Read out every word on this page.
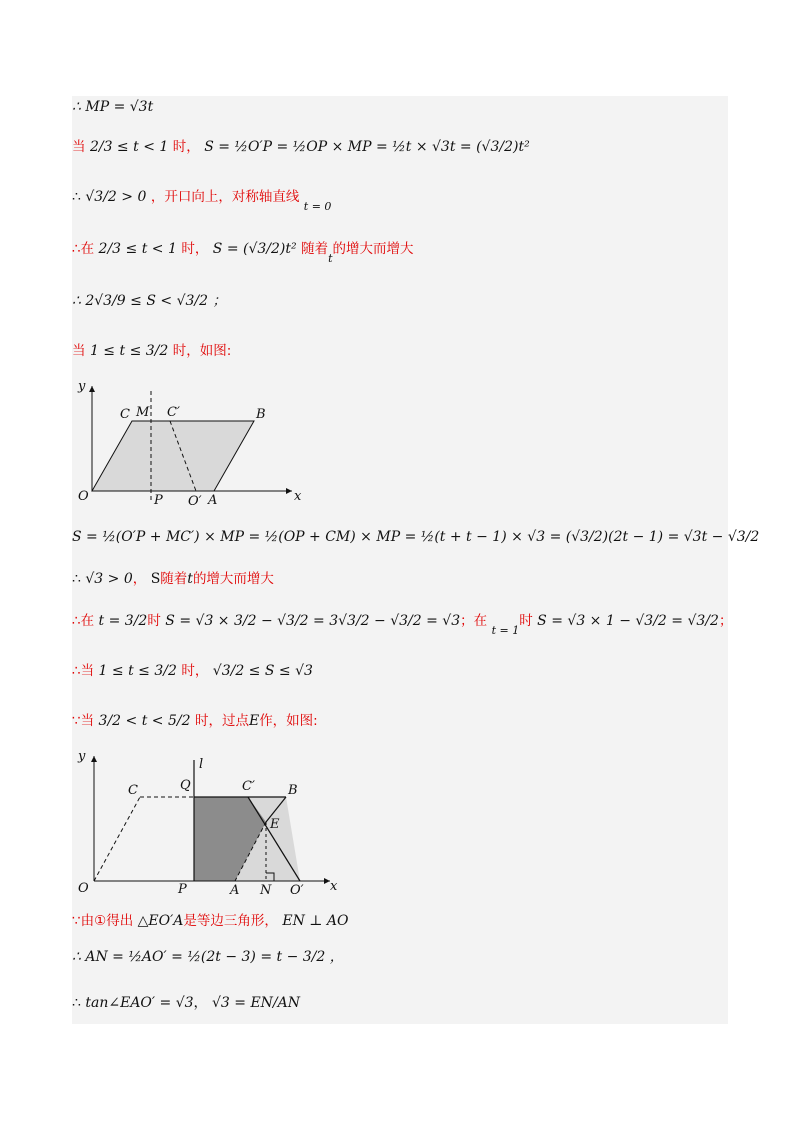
∴ MP = √3t
当 2/3 ≤ t < 1 时， S = ½O′P = ½OP × MP = ½t × √3t = (√3/2)t²
∴ √3/2 > 0 ，开口向上，对称轴直线 $_{t = 0}$
∴在 2/3 ≤ t < 1 时， S = (√3/2)t² 随着$_t$的增大而增大
∴ 2√3/9 ≤ S < √3/2 ；
当 1 ≤ t ≤ 3/2 时，如图:
y
x
O
C M C′	B
P O′ A
S = ½(O′P + MC′) × MP = ½(OP + CM) × MP = ½(t + t − 1) × √3 = (√3/2)(2t − 1) = √3t − √3/2
∴ √3 > 0， S随着t的增大而增大
∴在 t = 3/2时 S = √3 × 3/2 − √3/2 = 3√3/2 − √3/2 = √3；在 $_{t = 1}$时 S = √3 × 1 − √3/2 = √3/2；
∴当 1 ≤ t ≤ 3/2 时， √3/2 ≤ S ≤ √3
∵当 3/2 < t < 5/2 时，过点E作，如图:
y
x
O
C	Q
l
C′	B
E
P	A N O′
∵由①得出 △EO′A是等边三角形， EN ⊥ AO
∴ AN = ½AO′ = ½(2t − 3) = t − 3/2 ，
∴ tan∠EAO′ = √3， √3 = EN/AN
